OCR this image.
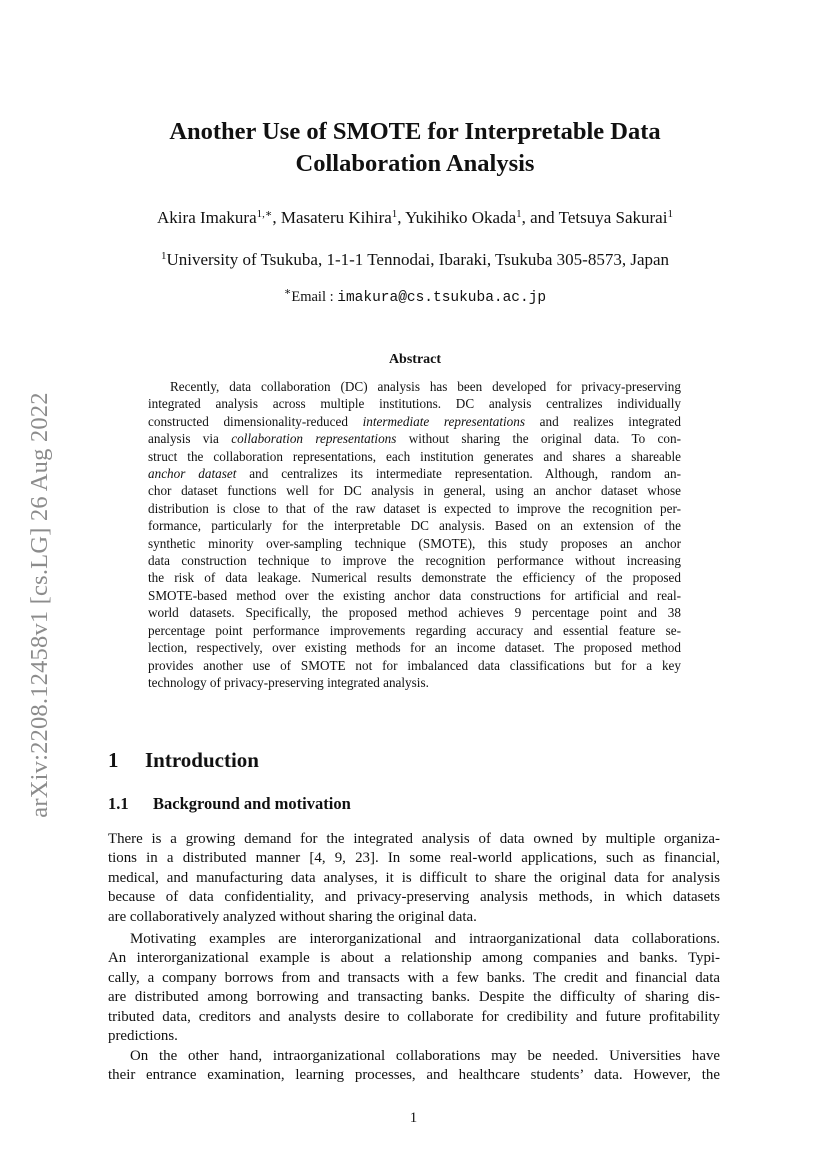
arXiv:2208.12458v1 [cs.LG] 26 Aug 2022
Another Use of SMOTE for Interpretable Data
Collaboration Analysis

Akira Imakura$^{1,∗}$, Masateru Kihira$^1$, Yukihiko Okada$^1$, and Tetsuya Sakurai$^1$

$^1$University of Tsukuba, 1-1-1 Tennodai, Ibaraki, Tsukuba 305-8573, Japan

∗Email : imakura@cs.tsukuba.ac.jp
Abstract
Recently, data collaboration (DC) analysis has been developed for privacy-preserving
integrated analysis across multiple institutions. DC analysis centralizes individually
constructed dimensionality-reduced intermediate representations and realizes integrated
analysis via collaboration representations without sharing the original data. To con-
struct the collaboration representations, each institution generates and shares a shareable
anchor dataset and centralizes its intermediate representation. Although, random an-
chor dataset functions well for DC analysis in general, using an anchor dataset whose
distribution is close to that of the raw dataset is expected to improve the recognition per-
formance, particularly for the interpretable DC analysis. Based on an extension of the
synthetic minority over-sampling technique (SMOTE), this study proposes an anchor
data construction technique to improve the recognition performance without increasing
the risk of data leakage. Numerical results demonstrate the efficiency of the proposed
SMOTE-based method over the existing anchor data constructions for artificial and real-
world datasets. Specifically, the proposed method achieves 9 percentage point and 38
percentage point performance improvements regarding accuracy and essential feature se-
lection, respectively, over existing methods for an income dataset. The proposed method
provides another use of SMOTE not for imbalanced data classifications but for a key
technology of privacy-preserving integrated analysis.
1 Introduction
1.1 Background and motivation
There is a growing demand for the integrated analysis of data owned by multiple organiza-
tions in a distributed manner [4, 9, 23]. In some real-world applications, such as financial,
medical, and manufacturing data analyses, it is difficult to share the original data for analysis
because of data confidentiality, and privacy-preserving analysis methods, in which datasets
are collaboratively analyzed without sharing the original data.
Motivating examples are interorganizational and intraorganizational data collaborations.
An interorganizational example is about a relationship among companies and banks. Typi-
cally, a company borrows from and transacts with a few banks. The credit and financial data
are distributed among borrowing and transacting banks. Despite the difficulty of sharing dis-
tributed data, creditors and analysts desire to collaborate for credibility and future profitability
predictions.
On the other hand, intraorganizational collaborations may be needed. Universities have
their entrance examination, learning processes, and healthcare students’ data. However, the
1
